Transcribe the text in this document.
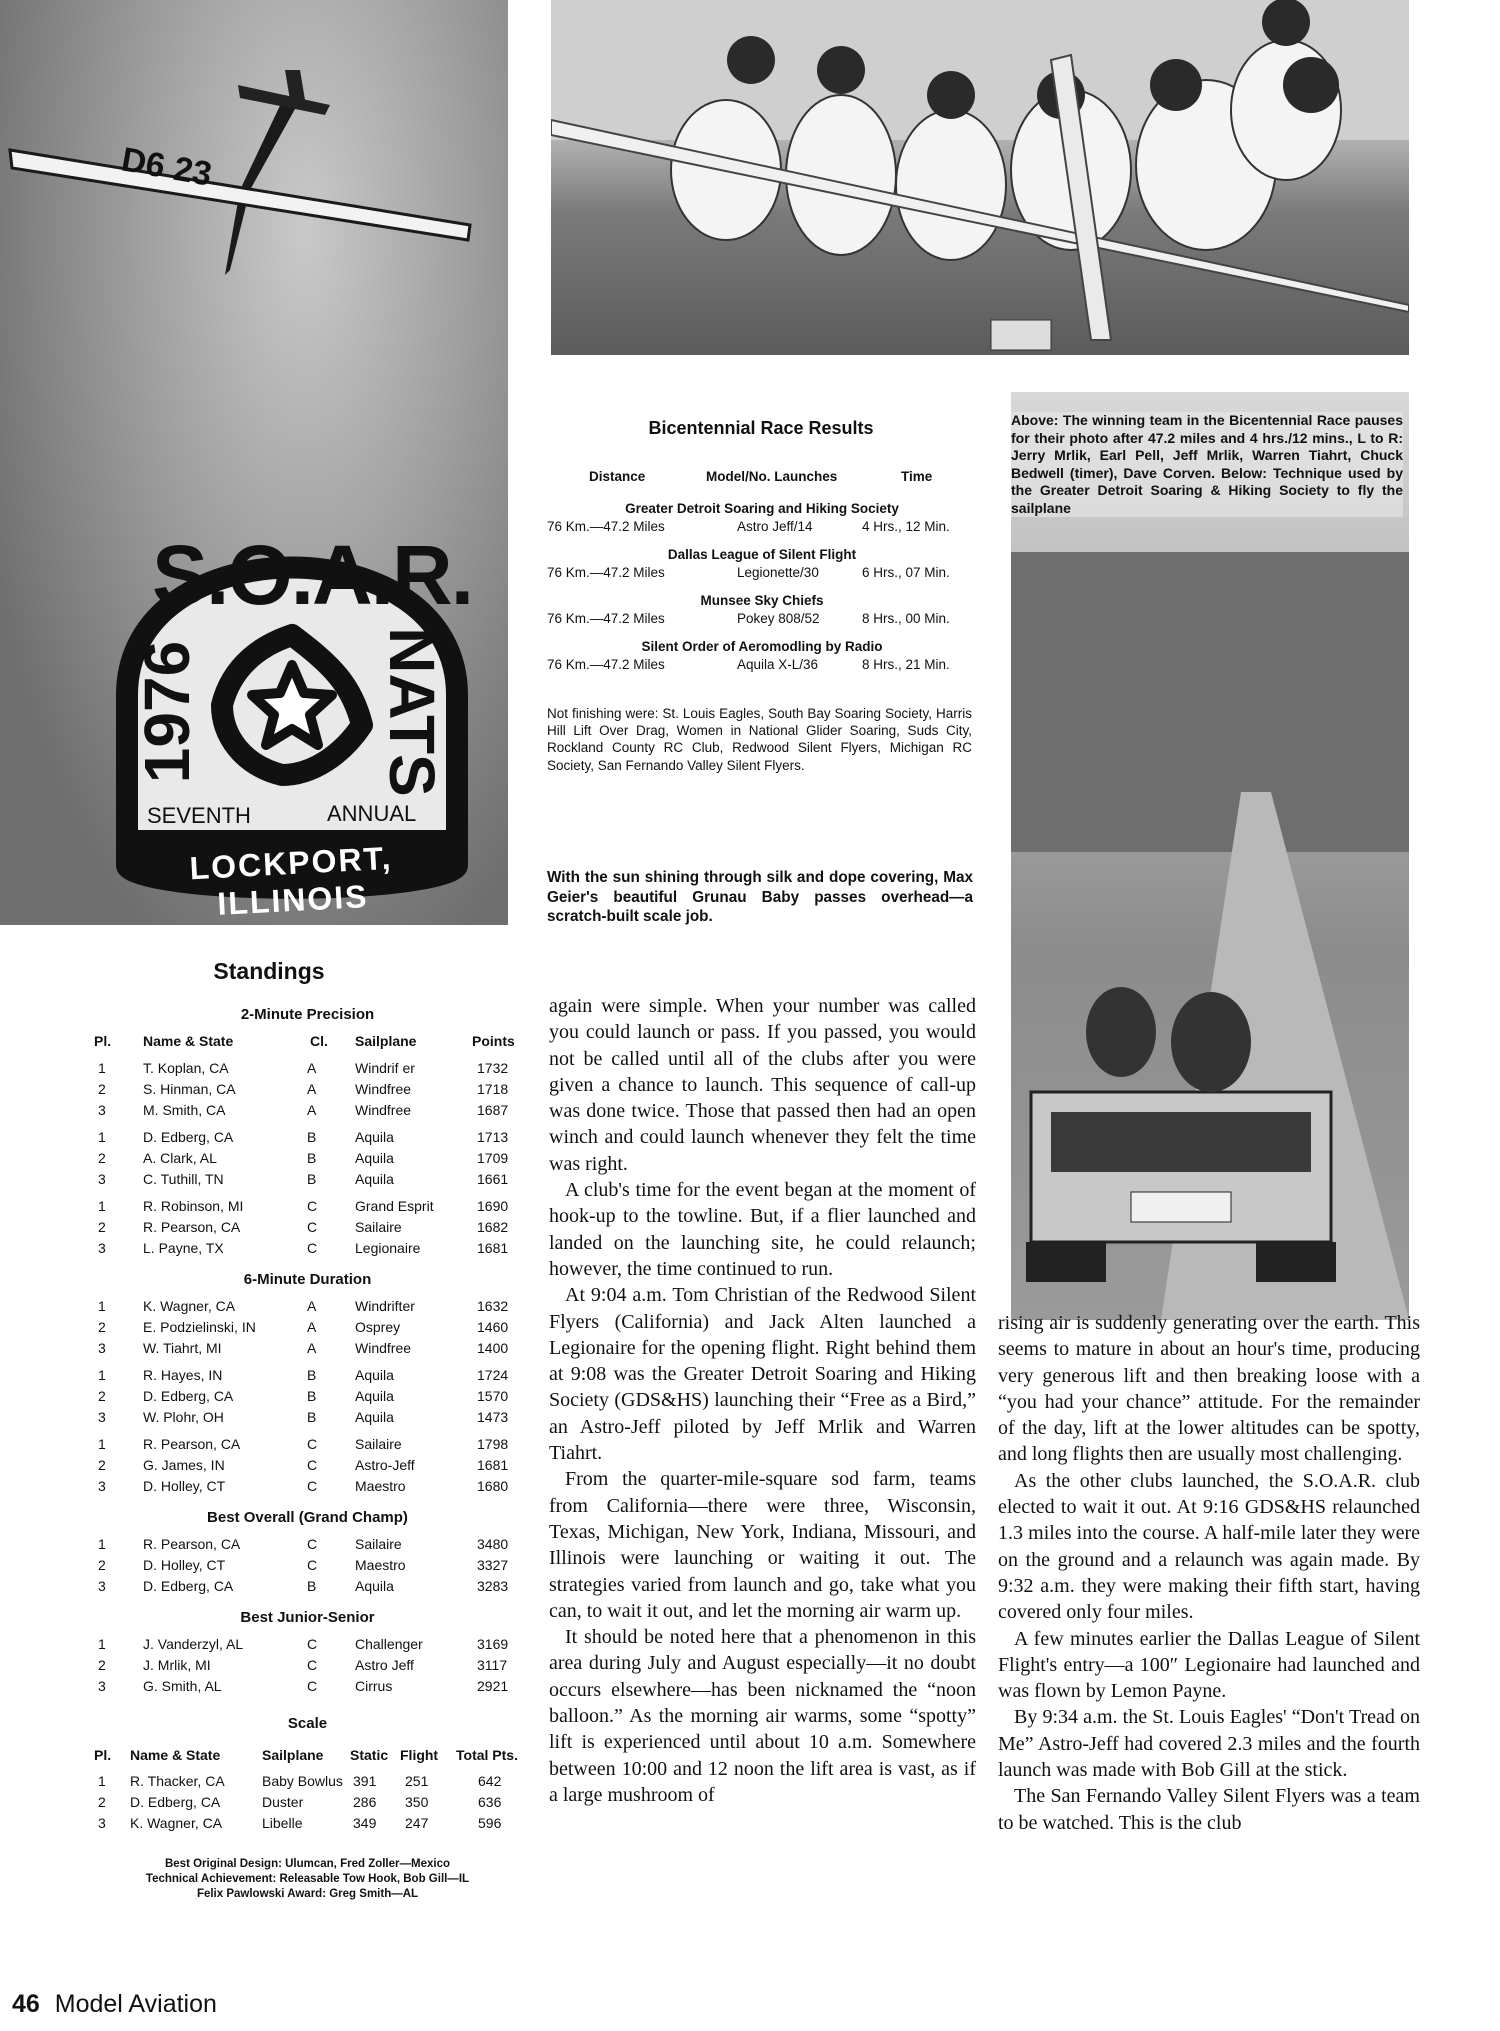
D6 23
S.O.A.R.
1976	NATS
SEVENTH	ANNUAL
LOCKPORT, ILLINOIS
Above: The winning team in the Bicentennial Race pauses for their photo after 47.2 miles and 4 hrs./12 mins., L to R: Jerry Mrlik, Earl Pell, Jeff Mrlik, Warren Tiahrt, Chuck Bedwell (timer), Dave Corven. Below: Technique used by the Greater Detroit Soaring & Hiking Society to fly the sailplane
Bicentennial Race Results
Distance	Model/No. Launches	Time
Greater Detroit Soaring and Hiking Society
76 Km.—47.2 Miles	Astro Jeff/14	4 Hrs., 12 Min.
Dallas League of Silent Flight
76 Km.—47.2 Miles	Legionette/30	6 Hrs., 07 Min.
Munsee Sky Chiefs
76 Km.—47.2 Miles	Pokey 808/52	8 Hrs., 00 Min.
Silent Order of Aeromodling by Radio
76 Km.—47.2 Miles	Aquila X-L/36	8 Hrs., 21 Min.
Not finishing were: St. Louis Eagles, South Bay Soaring Society, Harris Hill Lift Over Drag, Women in National Glider Soaring, Suds City, Rockland County RC Club, Redwood Silent Flyers, Michigan RC Society, San Fernando Valley Silent Flyers.
With the sun shining through silk and dope covering, Max Geier's beautiful Grunau Baby passes overhead—a scratch-built scale job.
Standings
2-Minute Precision
Pl. Name & State	Cl. Sailplane	Points
1	T. Koplan, CA	A	Windrif er	1732
2	S. Hinman, CA	A	Windfree	1718
3	M. Smith, CA	A	Windfree	1687
1	D. Edberg, CA	B	Aquila	1713
2	A. Clark, AL	B	Aquila	1709
3	C. Tuthill, TN	B	Aquila	1661
1	R. Robinson, MI	C	Grand Esprit	1690
2	R. Pearson, CA	C	Sailaire	1682
3	L. Payne, TX	C	Legionaire	1681
6-Minute Duration
1	K. Wagner, CA	A	Windrifter	1632
2	E. Podzielinski, IN	A	Osprey	1460
3	W. Tiahrt, MI	A	Windfree	1400
1	R. Hayes, IN	B	Aquila	1724
2	D. Edberg, CA	B	Aquila	1570
3	W. Plohr, OH	B	Aquila	1473
1	R. Pearson, CA	C	Sailaire	1798
2	G. James, IN	C	Astro-Jeff	1681
3	D. Holley, CT	C	Maestro	1680
Best Overall (Grand Champ)
1	R. Pearson, CA	C	Sailaire	3480
2	D. Holley, CT	C	Maestro	3327
3	D. Edberg, CA	B	Aquila	3283
Best Junior-Senior
1	J. Vanderzyl, AL	C	Challenger	3169
2	J. Mrlik, MI	C	Astro Jeff	3117
3	G. Smith, AL	C	Cirrus	2921
Scale
Pl. Name & State	Sailplane Static Flight Total Pts.
1 R. Thacker, CA	Baby Bowlus 391 251	642
2 D. Edberg, CA	Duster	286 350	636
3 K. Wagner, CA	Libelle	349 247	596
Best Original Design: Ulumcan, Fred Zoller—Mexico
Technical Achievement: Releasable Tow Hook, Bob Gill—IL
Felix Pawlowski Award: Greg Smith—AL

again were simple. When your number was called you could launch or pass. If you passed, you would not be called until all of the clubs after you were given a chance to launch. This sequence of call-up was done twice. Those that passed then had an open winch and could launch whenever they felt the time was right.

A club's time for the event began at the moment of hook-up to the towline. But, if a flier launched and landed on the launching site, he could relaunch; however, the time continued to run.

At 9:04 a.m. Tom Christian of the Redwood Silent Flyers (California) and Jack Alten launched a Legionaire for the opening flight. Right behind them at 9:08 was the Greater Detroit Soaring and Hiking Society (GDS&HS) launching their “Free as a Bird,” an Astro-Jeff piloted by Jeff Mrlik and Warren Tiahrt.

From the quarter-mile-square sod farm, teams from California—there were three, Wisconsin, Texas, Michigan, New York, Indiana, Missouri, and Illinois were launching or waiting it out. The strategies varied from launch and go, take what you can, to wait it out, and let the morning air warm up.

It should be noted here that a phenomenon in this area during July and August especially—it no doubt occurs elsewhere—has been nicknamed the “noon balloon.” As the morning air warms, some “spotty” lift is experienced until about 10 a.m. Somewhere between 10:00 and 12 noon the lift area is vast, as if a large mushroom of

rising air is suddenly generating over the earth. This seems to mature in about an hour's time, producing very generous lift and then breaking loose with a “you had your chance” attitude. For the remainder of the day, lift at the lower altitudes can be spotty, and long flights then are usually most challenging.

As the other clubs launched, the S.O.A.R. club elected to wait it out. At 9:16 GDS&HS relaunched 1.3 miles into the course. A half-mile later they were on the ground and a relaunch was again made. By 9:32 a.m. they were making their fifth start, having covered only four miles.

A few minutes earlier the Dallas League of Silent Flight's entry—a 100″ Legionaire had launched and was flown by Lemon Payne.

By 9:34 a.m. the St. Louis Eagles' “Don't Tread on Me” Astro-Jeff had covered 2.3 miles and the fourth launch was made with Bob Gill at the stick.

The San Fernando Valley Silent Flyers was a team to be watched. This is the club

46 Model Aviation
